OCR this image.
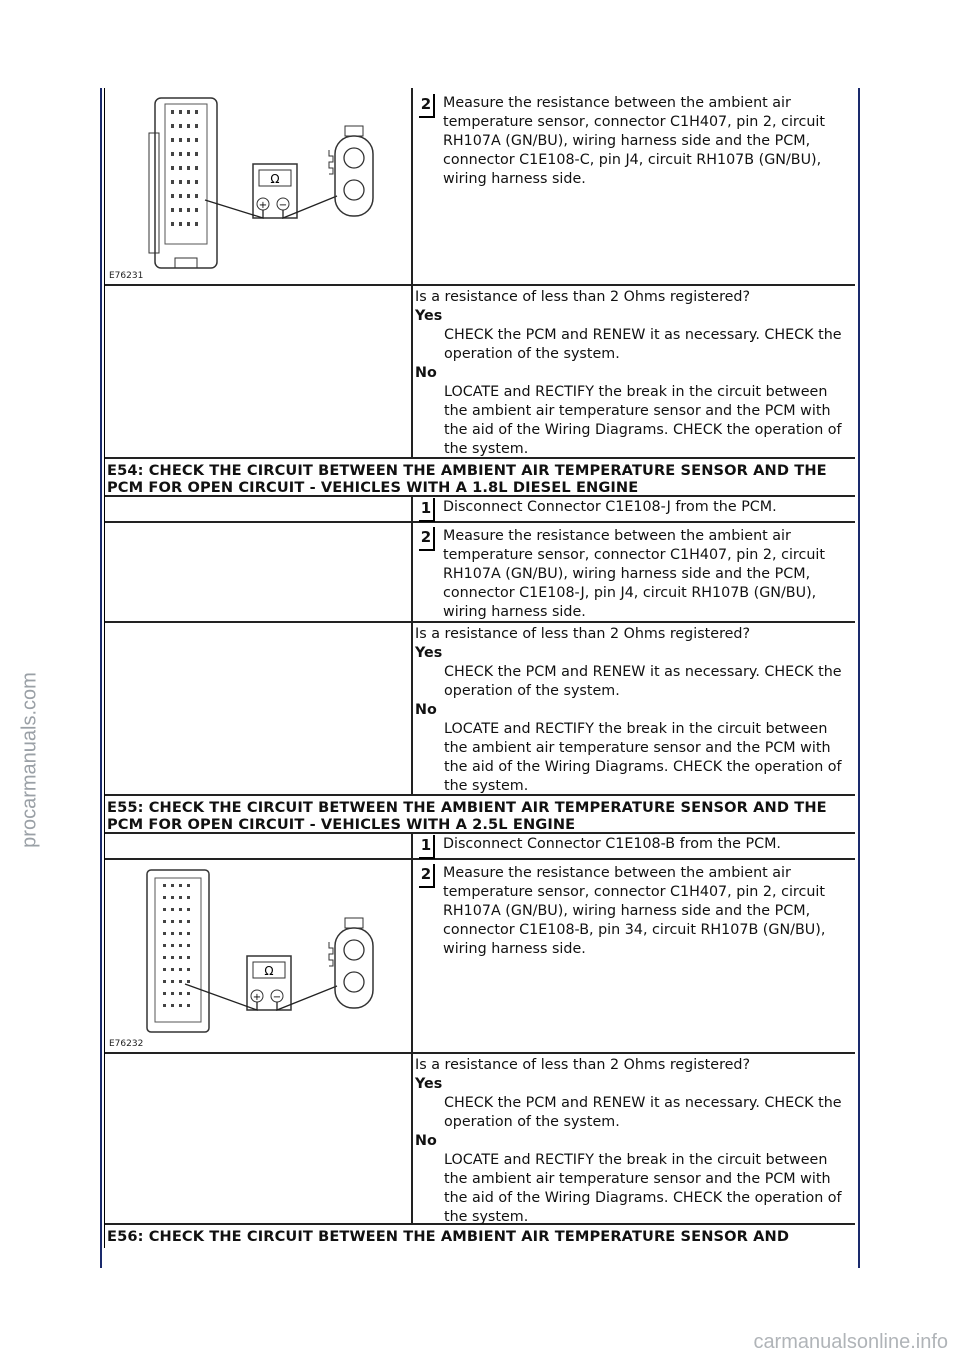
procarmanuals.com
carmanualsonline.info
Ω
+ −
E76231
2 Measure the resistance between the ambient air temperature sensor, connector C1H407, pin 2, circuit RH107A (GN/BU), wiring harness side and the PCM, connector C1E108-C, pin J4, circuit RH107B (GN/BU), wiring harness side.
Is a resistance of less than 2 Ohms registered?
Yes
CHECK the PCM and RENEW it as necessary. CHECK the operation of the system.
No
LOCATE and RECTIFY the break in the circuit between the ambient air temperature sensor and the PCM with the aid of the Wiring Diagrams. CHECK the operation of the system.
E54: CHECK THE CIRCUIT BETWEEN THE AMBIENT AIR TEMPERATURE SENSOR AND THE PCM FOR OPEN CIRCUIT - VEHICLES WITH A 1.8L DIESEL ENGINE
1 Disconnect Connector C1E108-J from the PCM.
2 Measure the resistance between the ambient air temperature sensor, connector C1H407, pin 2, circuit RH107A (GN/BU), wiring harness side and the PCM, connector C1E108-J, pin J4, circuit RH107B (GN/BU), wiring harness side.
Is a resistance of less than 2 Ohms registered?
Yes
CHECK the PCM and RENEW it as necessary. CHECK the operation of the system.
No
LOCATE and RECTIFY the break in the circuit between the ambient air temperature sensor and the PCM with the aid of the Wiring Diagrams. CHECK the operation of the system.
E55: CHECK THE CIRCUIT BETWEEN THE AMBIENT AIR TEMPERATURE SENSOR AND THE PCM FOR OPEN CIRCUIT - VEHICLES WITH A 2.5L ENGINE
1 Disconnect Connector C1E108-B from the PCM.
Ω
+ −
E76232
2 Measure the resistance between the ambient air temperature sensor, connector C1H407, pin 2, circuit RH107A (GN/BU), wiring harness side and the PCM, connector C1E108-B, pin 34, circuit RH107B (GN/BU), wiring harness side.
Is a resistance of less than 2 Ohms registered?
Yes
CHECK the PCM and RENEW it as necessary. CHECK the operation of the system.
No
LOCATE and RECTIFY the break in the circuit between the ambient air temperature sensor and the PCM with the aid of the Wiring Diagrams. CHECK the operation of the system.
E56: CHECK THE CIRCUIT BETWEEN THE AMBIENT AIR TEMPERATURE SENSOR AND
